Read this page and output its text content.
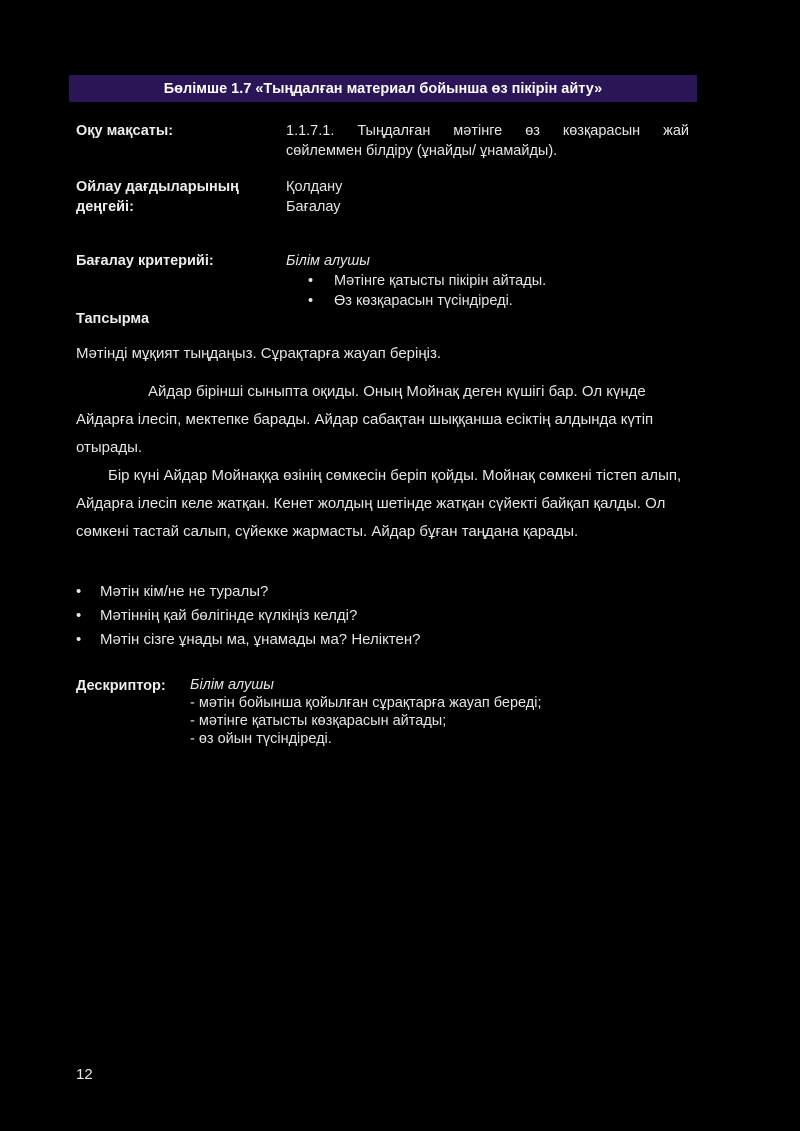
Бөлімше 1.7 «Тыңдалған материал бойынша өз пікірін айту»
Оқу мақсаты:	1.1.7.1. Тыңдалған мәтінге өз көзқарасын жай
сөйлеммен білдіру (ұнайды/ ұнамайды).
Ойлау дағдыларының
деңгейі:
Қолдану
Бағалау
Бағалау критерийі:	Білім алушы
• Мәтінге қатысты пікірін айтады.
• Өз көзқарасын түсіндіреді.
Тапсырма
Мәтінді мұқият тыңдаңыз. Сұрақтарға жауап беріңіз.
Айдар бірінші сыныпта оқиды. Оның Мойнақ деген күшігі бар. Ол күнде Айдарға ілесіп, мектепке барады. Айдар сабақтан шыққанша есіктің алдында күтіп отырады.
Бір күні Айдар Мойнаққа өзінің сөмкесін беріп қойды. Мойнақ сөмкені тістеп алып, Айдарға ілесіп келе жатқан. Кенет жолдың шетінде жатқан сүйекті байқап қалды. Ол сөмкені тастай салып, сүйекке жармасты. Айдар бұған таңдана қарады.
• Мәтін кім/не не туралы?
• Мәтіннің қай бөлігінде күлкіңіз келді?
• Мәтін сізге ұнады ма, ұнамады ма? Неліктен?
Дескриптор: Білім алушы
- мәтін бойынша қойылған сұрақтарға жауап береді;
- мәтінге қатысты көзқарасын айтады;
- өз ойын түсіндіреді.
12
